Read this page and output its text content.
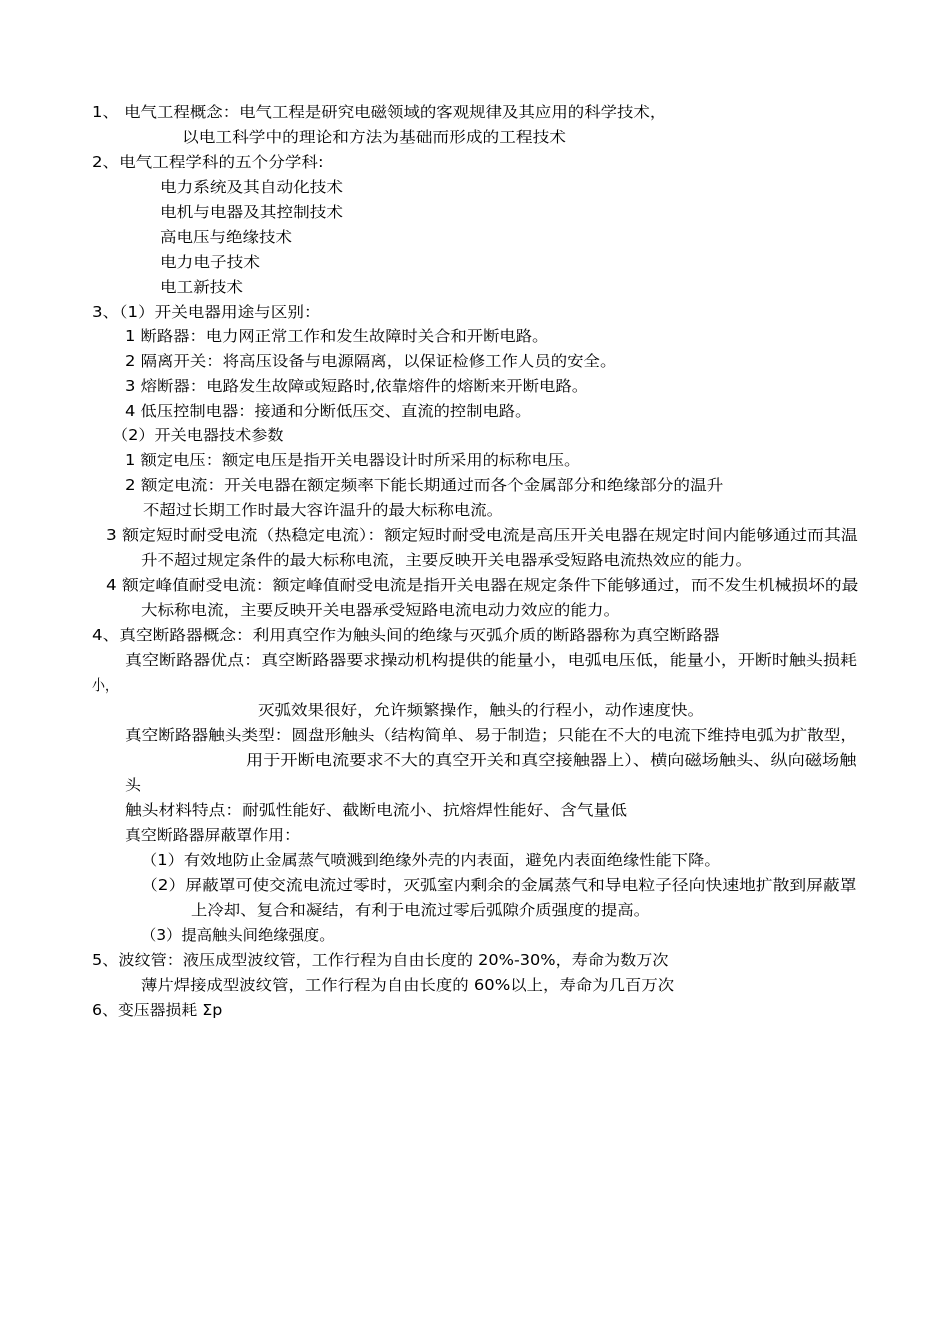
1、 电气工程概念：电气工程是研究电磁领域的客观规律及其应用的科学技术，
以电工科学中的理论和方法为基础而形成的工程技术
2、电气工程学科的五个分学科:
电力系统及其自动化技术
电机与电器及其控制技术
高电压与绝缘技术
电力电子技术
电工新技术
3、（1）开关电器用途与区别：
1 断路器：电力网正常工作和发生故障时关合和开断电路。
2 隔离开关：将高压设备与电源隔离，以保证检修工作人员的安全。
3 熔断器：电路发生故障或短路时,依靠熔件的熔断来开断电路。
4 低压控制电器：接通和分断低压交、直流的控制电路。
（2）开关电器技术参数
1 额定电压：额定电压是指开关电器设计时所采用的标称电压。
2 额定电流：开关电器在额定频率下能长期通过而各个金属部分和绝缘部分的温升
不超过长期工作时最大容许温升的最大标称电流。
3 额定短时耐受电流（热稳定电流）：额定短时耐受电流是高压开关电器在规定时间内能够通过而其温
升不超过规定条件的最大标称电流，主要反映开关电器承受短路电流热效应的能力。
4 额定峰值耐受电流：额定峰值耐受电流是指开关电器在规定条件下能够通过，而不发生机械损坏的最
大标称电流，主要反映开关电器承受短路电流电动力效应的能力。
4、真空断路器概念：利用真空作为触头间的绝缘与灭弧介质的断路器称为真空断路器
真空断路器优点：真空断路器要求操动机构提供的能量小，电弧电压低，能量小，开断时触头损耗
小，
灭弧效果很好，允许频繁操作，触头的行程小，动作速度快。
真空断路器触头类型：圆盘形触头（结构简单、易于制造；只能在不大的电流下维持电弧为扩散型，
用于开断电流要求不大的真空开关和真空接触器上）、横向磁场触头、纵向磁场触
头
触头材料特点：耐弧性能好、截断电流小、抗熔焊性能好、含气量低
真空断路器屏蔽罩作用：
（1）有效地防止金属蒸气喷溅到绝缘外壳的内表面，避免内表面绝缘性能下降。
（2）屏蔽罩可使交流电流过零时，灭弧室内剩余的金属蒸气和导电粒子径向快速地扩散到屏蔽罩
上冷却、复合和凝结，有利于电流过零后弧隙介质强度的提高。
（3）提高触头间绝缘强度。
5、波纹管：液压成型波纹管，工作行程为自由长度的 20%-30%，寿命为数万次
薄片焊接成型波纹管，工作行程为自由长度的 60%以上，寿命为几百万次
6、变压器损耗 Σp
